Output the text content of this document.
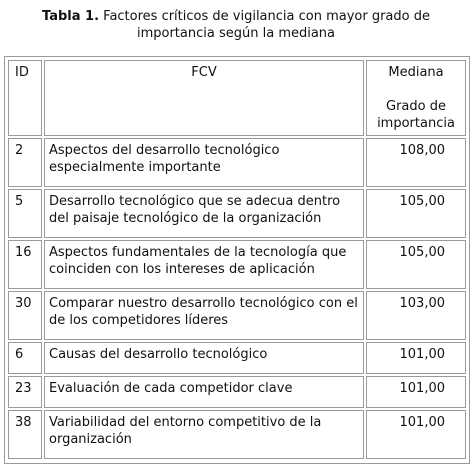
Tabla 1. Factores críticos de vigilancia con mayor grado de importancia según la mediana
ID	FCV	Mediana
Grado de importancia
2	Aspectos del desarrollo tecnológico especialmente importante	108,00
5	Desarrollo tecnológico que se adecua dentro del paisaje tecnológico de la organización	105,00
16	Aspectos fundamentales de la tecnología que coinciden con los intereses de aplicación	105,00
30	Comparar nuestro desarrollo tecnológico con el de los competidores líderes	103,00
6	Causas del desarrollo tecnológico	101,00
23	Evaluación de cada competidor clave	101,00
38	Variabilidad del entorno competitivo de la organización	101,00
